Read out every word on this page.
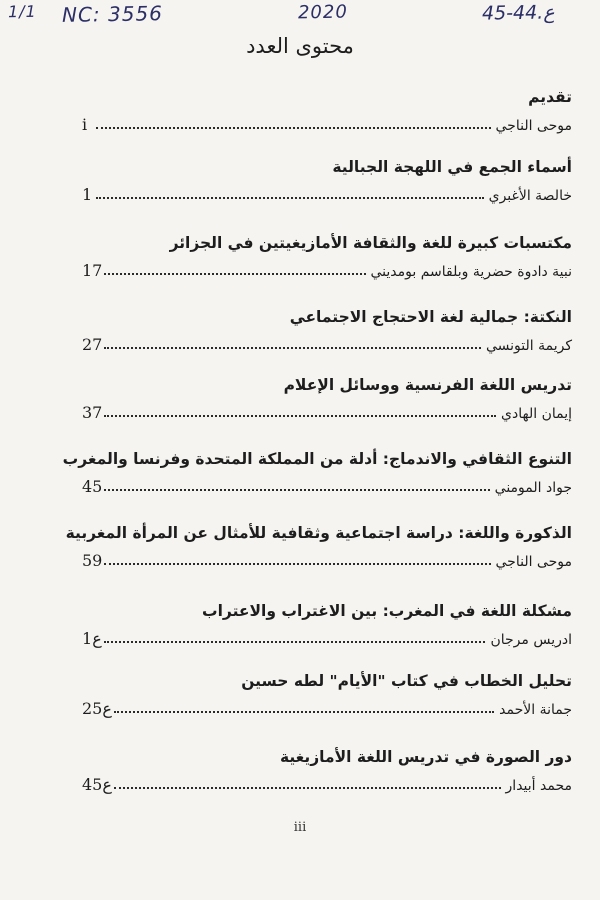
1/1 NC: 3556	2020	45-44.ع
محتوى العدد
تقديم
موحى الناجي
i
أسماء الجمع في اللهجة الجبالية
خالصة الأغبري
1
مكتسبات كبيرة للغة والثقافة الأمازيغيتين في الجزائر
نبية دادوة حضرية وبلقاسم بومديني
17
النكتة: جمالية لغة الاحتجاج الاجتماعي
كريمة التونسي
27
تدريس اللغة الفرنسية ووسائل الإعلام
إيمان الهادي
37
التنوع الثقافي والاندماج: أدلة من المملكة المتحدة وفرنسا والمغرب
جواد المومني
45
الذكورة واللغة: دراسة اجتماعية وثقافية للأمثال عن المرأة المغربية
موحى الناجي
59
مشكلة اللغة في المغرب: بين الاغتراب والاعتراب
ادريس مرجان
1ع
تحليل الخطاب في كتاب "الأيام" لطه حسين
جمانة الأحمد
25ع
دور الصورة في تدريس اللغة الأمازيغية
محمد أبيدار
45ع
iii
